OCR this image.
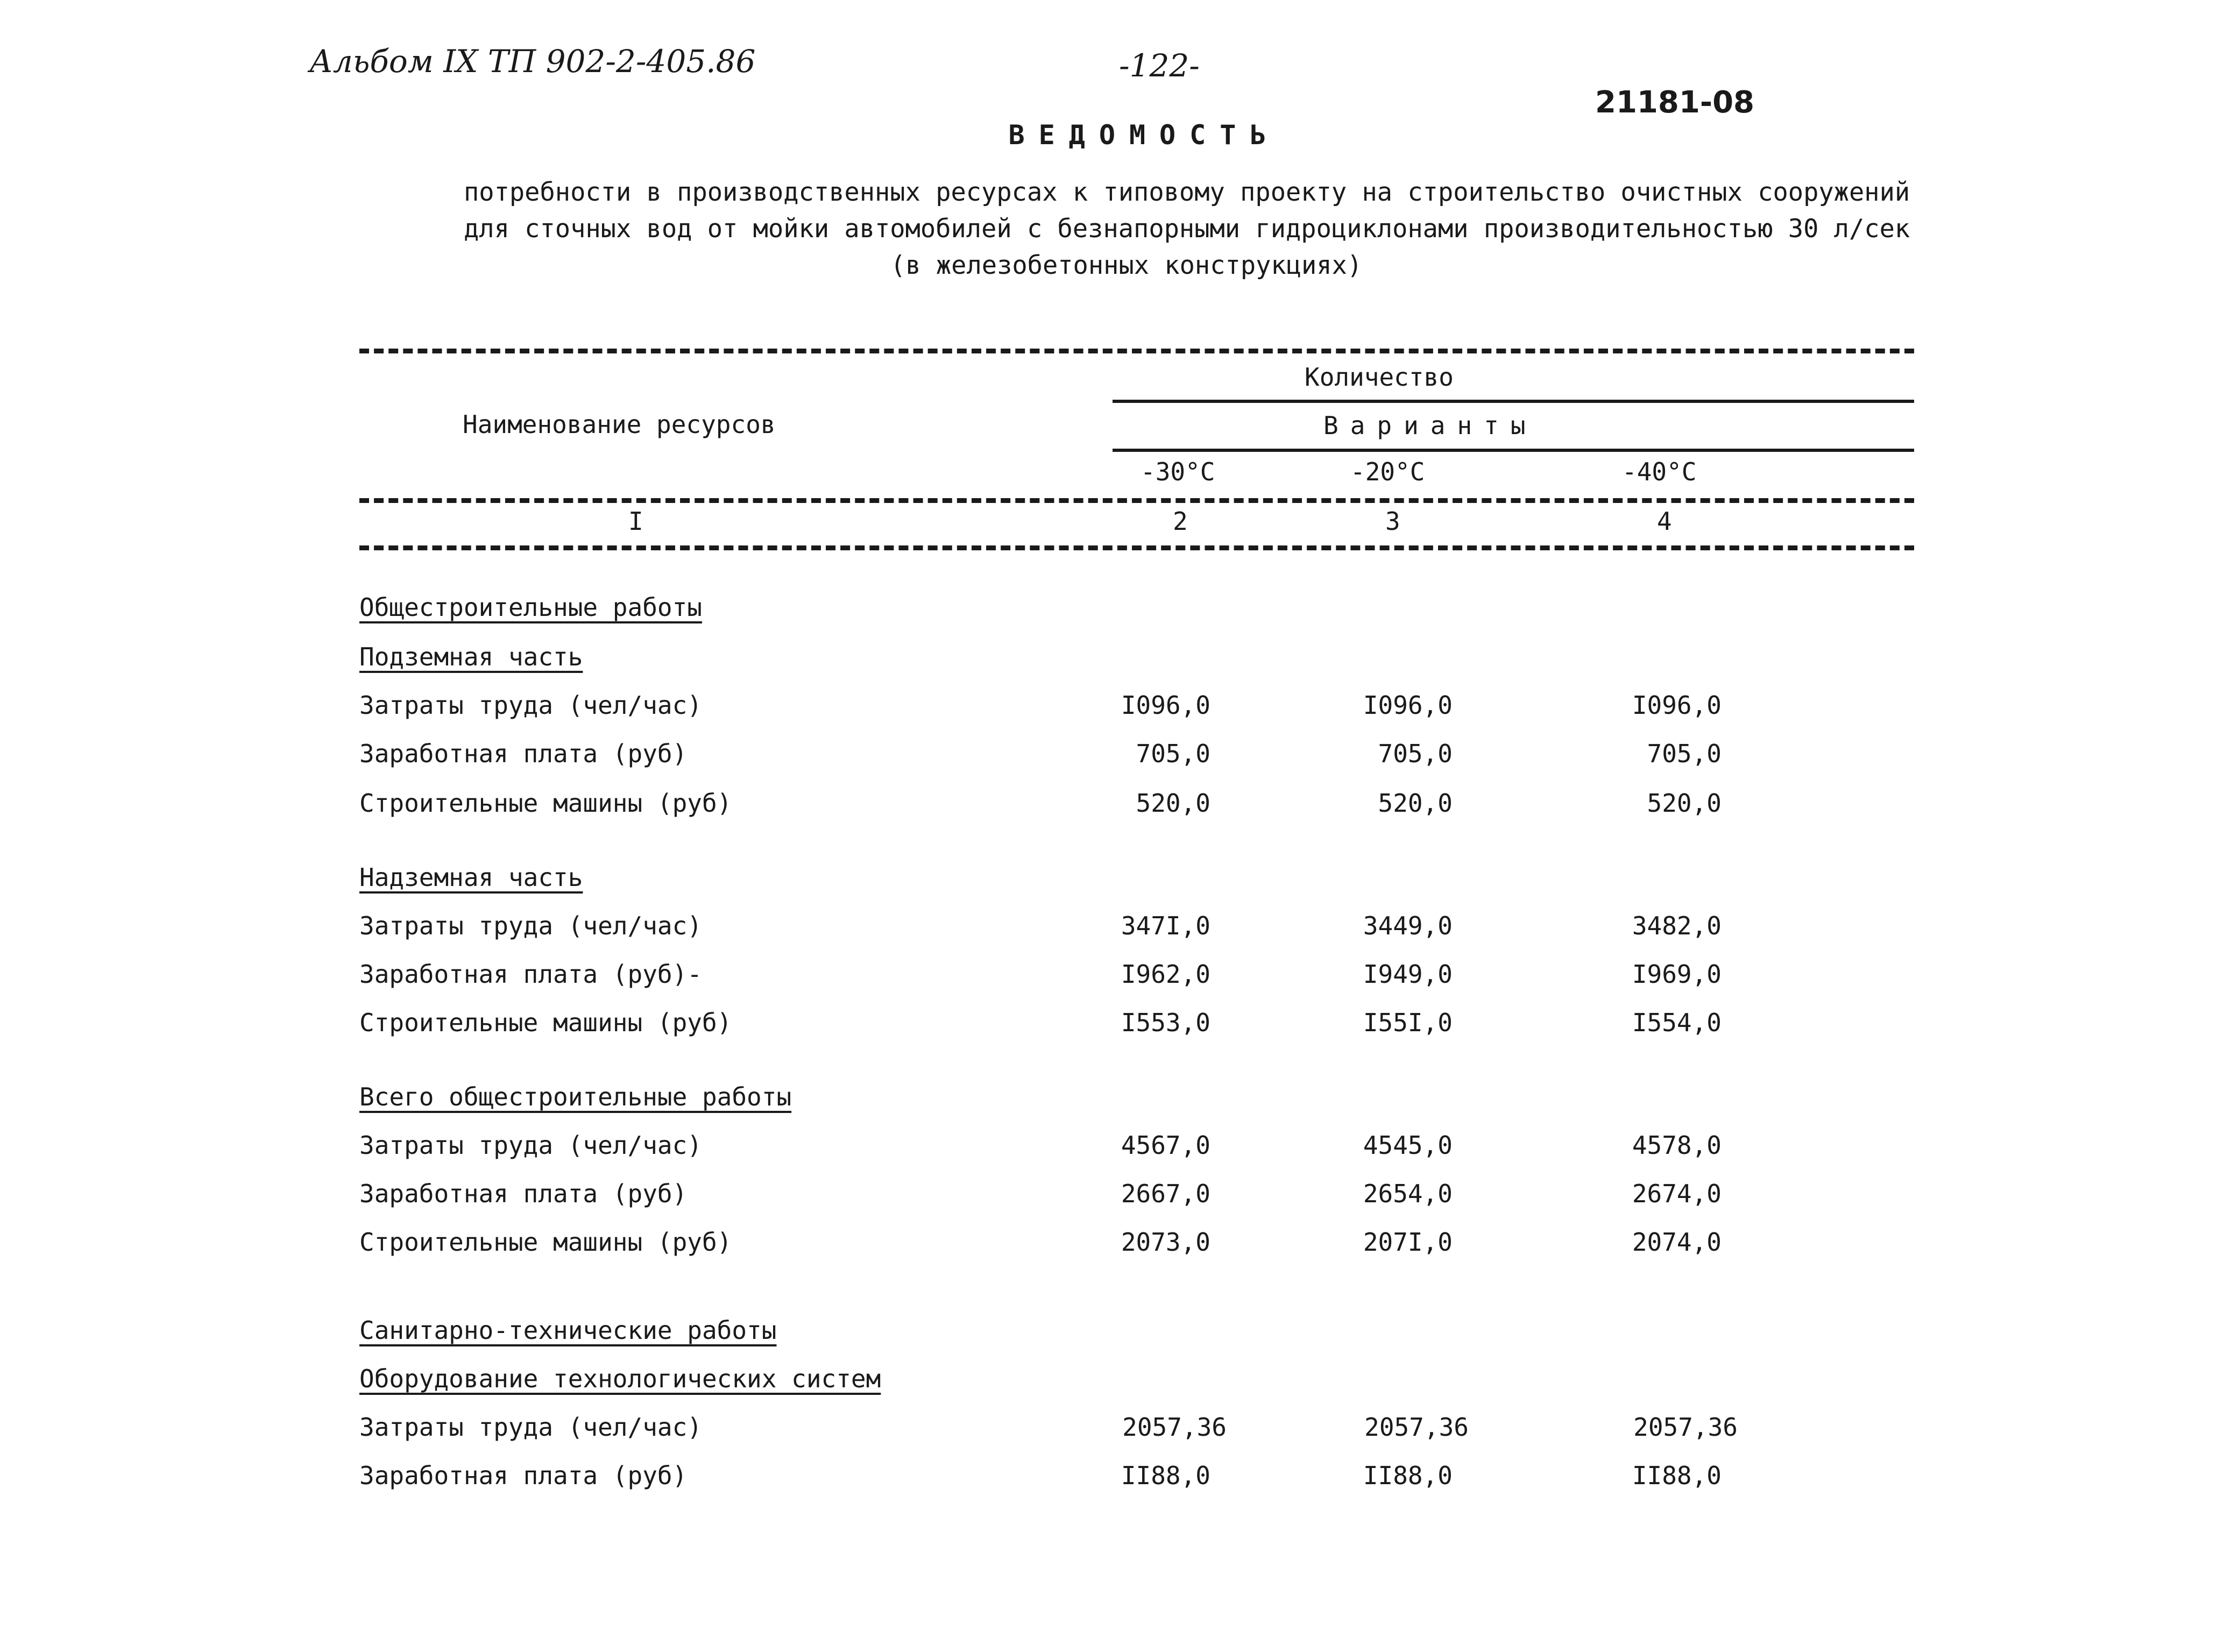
Альбом IX ТП 902-2-405.86	-122-
21181-08
ВЕДОМОСТЬ
потребности в производственных ресурсах к типовому проекту на строительство очистных сооружений
для сточных вод от мойки автомобилей с безнапорными гидроциклонами производительностью 30 л/сек
(в железобетонных конструкциях)
Наименование ресурсов
Количество
Варианты
-30°С	-20°С	-40°С
I	2	3	4
Общестроительные работы
Подземная часть
Затраты труда (чел/час)	I096,0	I096,0	I096,0
Заработная плата (руб)	705,0	705,0	705,0
Строительные машины (руб)	520,0	520,0	520,0
Надземная часть
Затраты труда (чел/час)	347I,0	3449,0	3482,0
Заработная плата (руб)-	I962,0	I949,0	I969,0
Строительные машины (руб)	I553,0	I55I,0	I554,0
Всего общестроительные работы
Затраты труда (чел/час)	4567,0	4545,0	4578,0
Заработная плата (руб)	2667,0	2654,0	2674,0
Строительные машины (руб)	2073,0	207I,0	2074,0
Санитарно-технические работы
Оборудование технологических систем
Затраты труда (чел/час)	2057,36	2057,36	2057,36
Заработная плата (руб)	II88,0	II88,0	II88,0
